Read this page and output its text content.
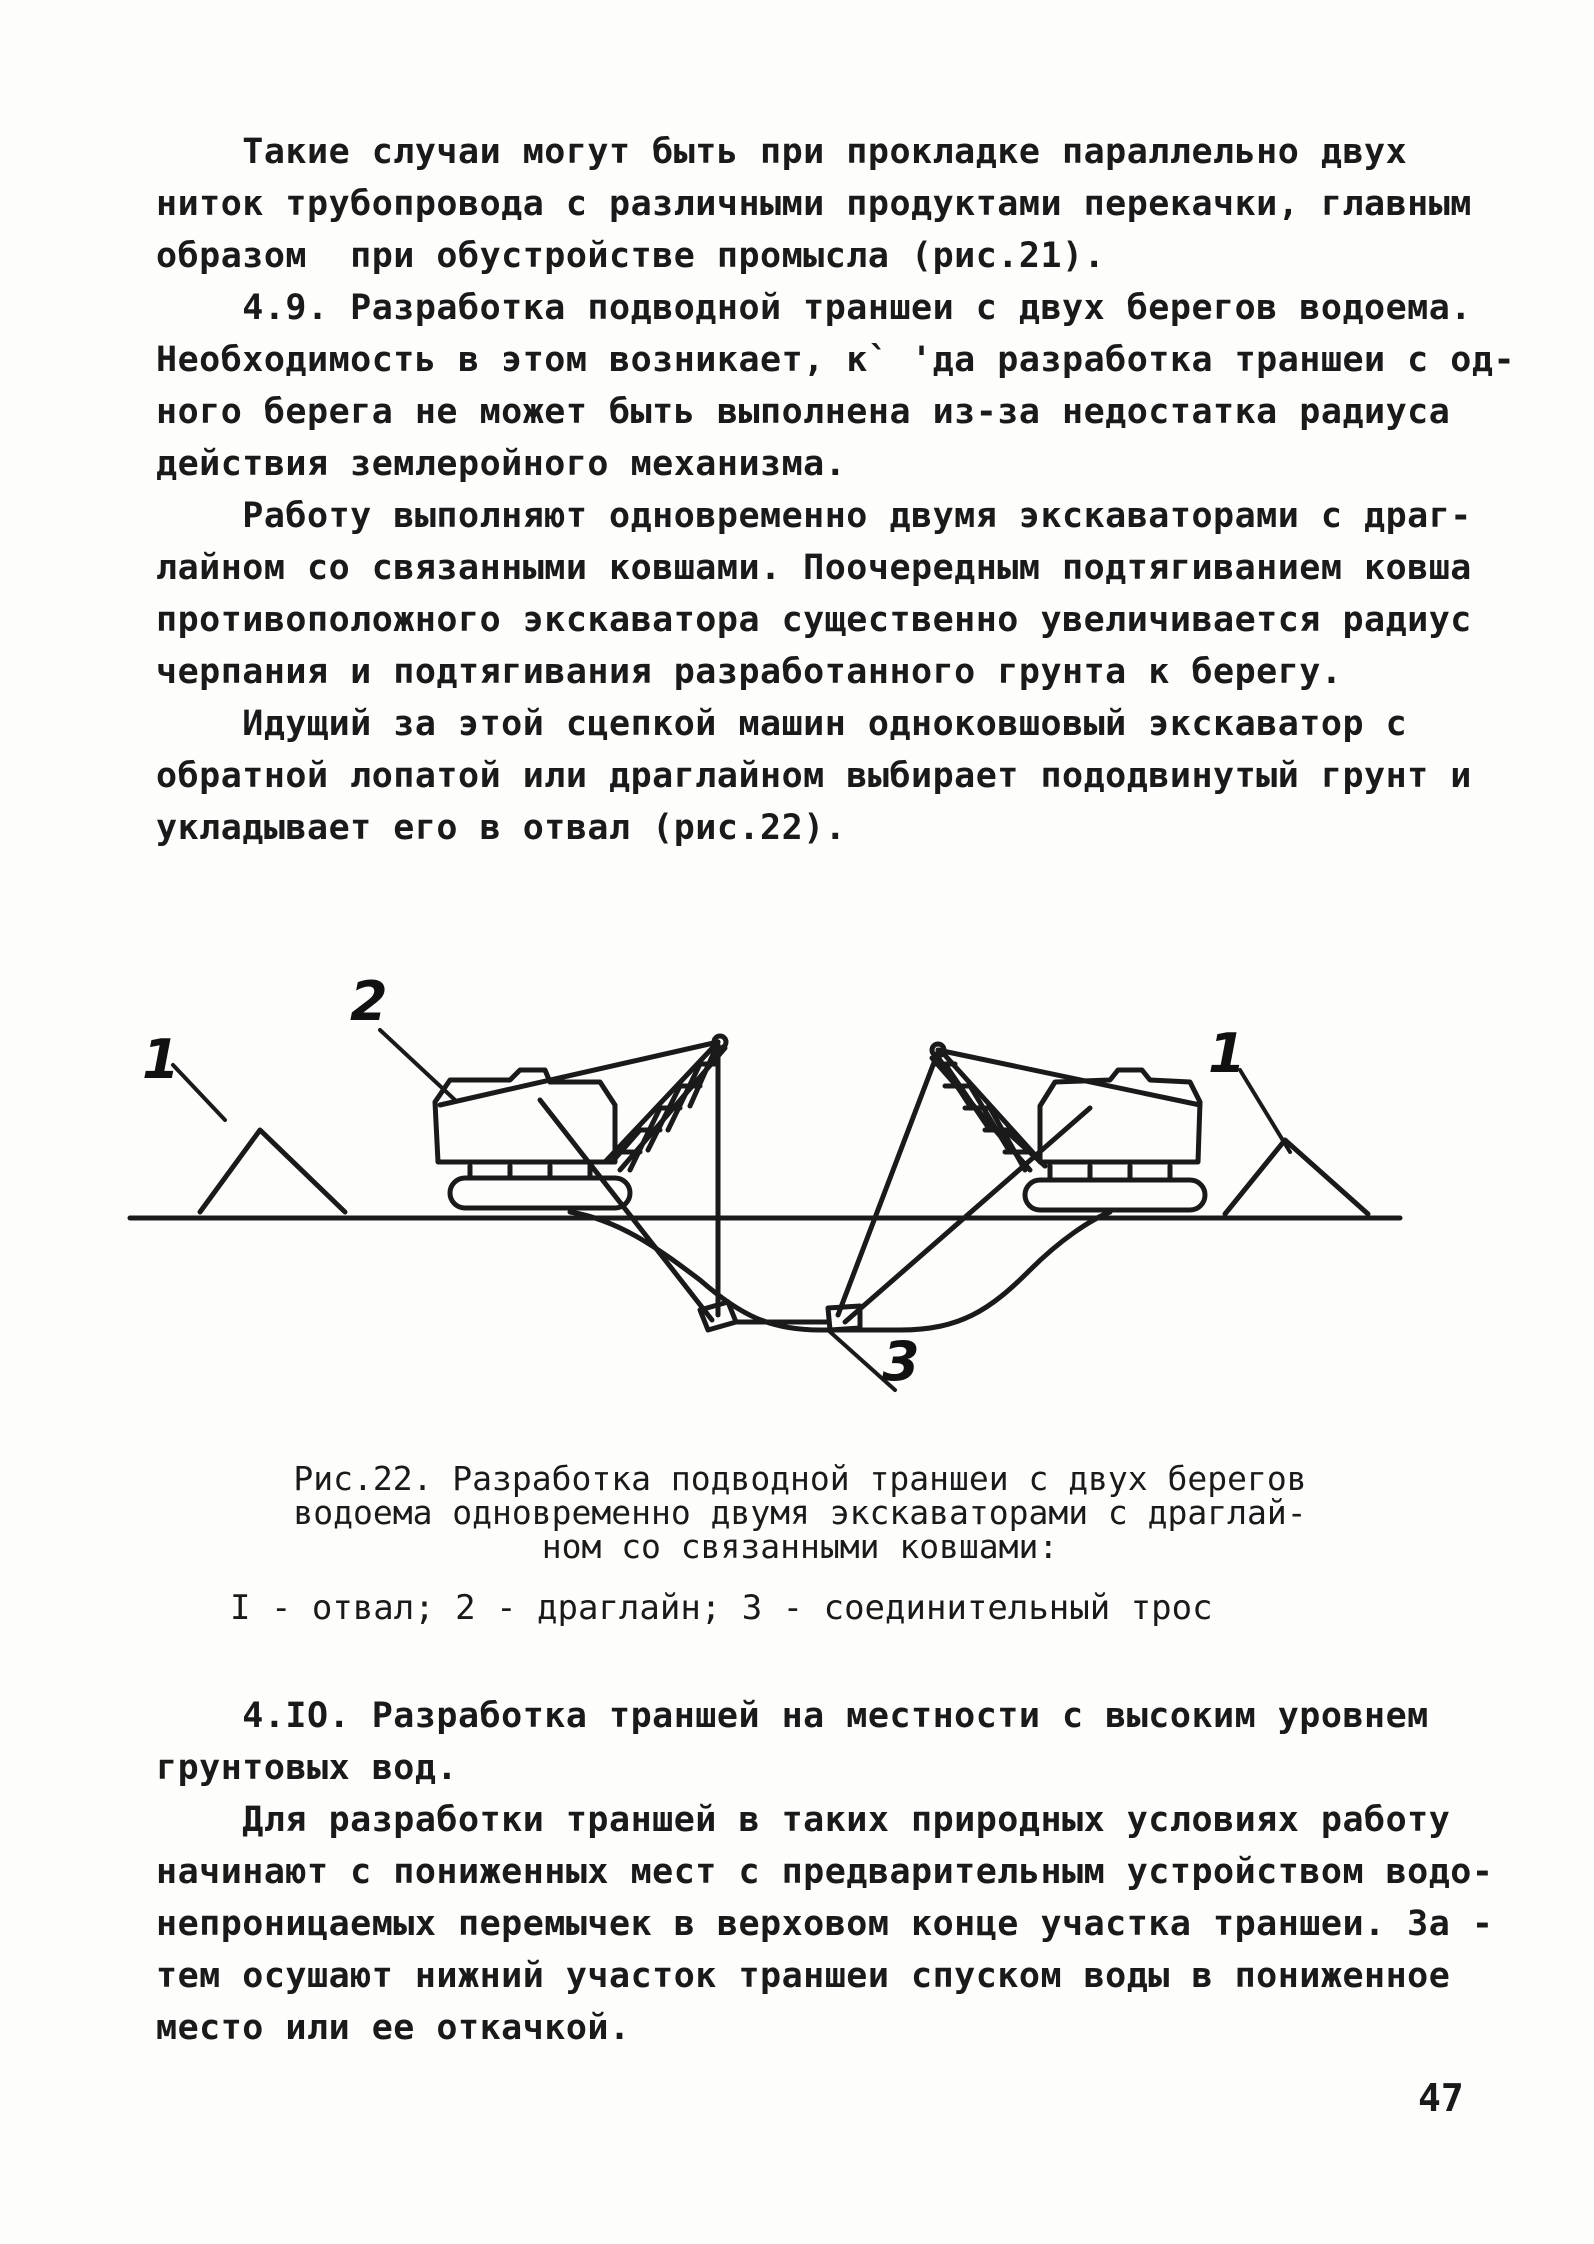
Такие случаи могут быть при прокладке параллельно двух
ниток трубопровода с различными продуктами перекачки, главным
образом  при обустройстве промысла (рис.21).

4.9. Разработка подводной траншеи с двух берегов водоема.
Необходимость в этом возникает, к` 'да разработка траншеи с од-
ного берега не может быть выполнена из-за недостатка радиуса
действия землеройного механизма.

Работу выполняют одновременно двумя экскаваторами с драг-
лайном со связанными ковшами. Поочередным подтягиванием ковша
противоположного экскаватора существенно увеличивается радиус
черпания и подтягивания разработанного грунта к берегу.

Идущий за этой сцепкой машин одноковшовый экскаватор с
обратной лопатой или драглайном выбирает пододвинутый грунт и
укладывает его в отвал (рис.22).

1
2
1
3

Рис.22. Разработка подводной траншеи с двух берегов
водоема одновременно двумя экскаваторами с драглай-
ном со связанными ковшами:

I - отвал; 2 - драглайн; 3 - соединительный трос

4.IO. Разработка траншей на местности с высоким уровнем
грунтовых вод.

Для разработки траншей в таких природных условиях работу
начинают с пониженных мест с предварительным устройством водо-
непроницаемых перемычек в верховом конце участка траншеи. За -
тем осушают нижний участок траншеи спуском воды в пониженное
место или ее откачкой.

47
